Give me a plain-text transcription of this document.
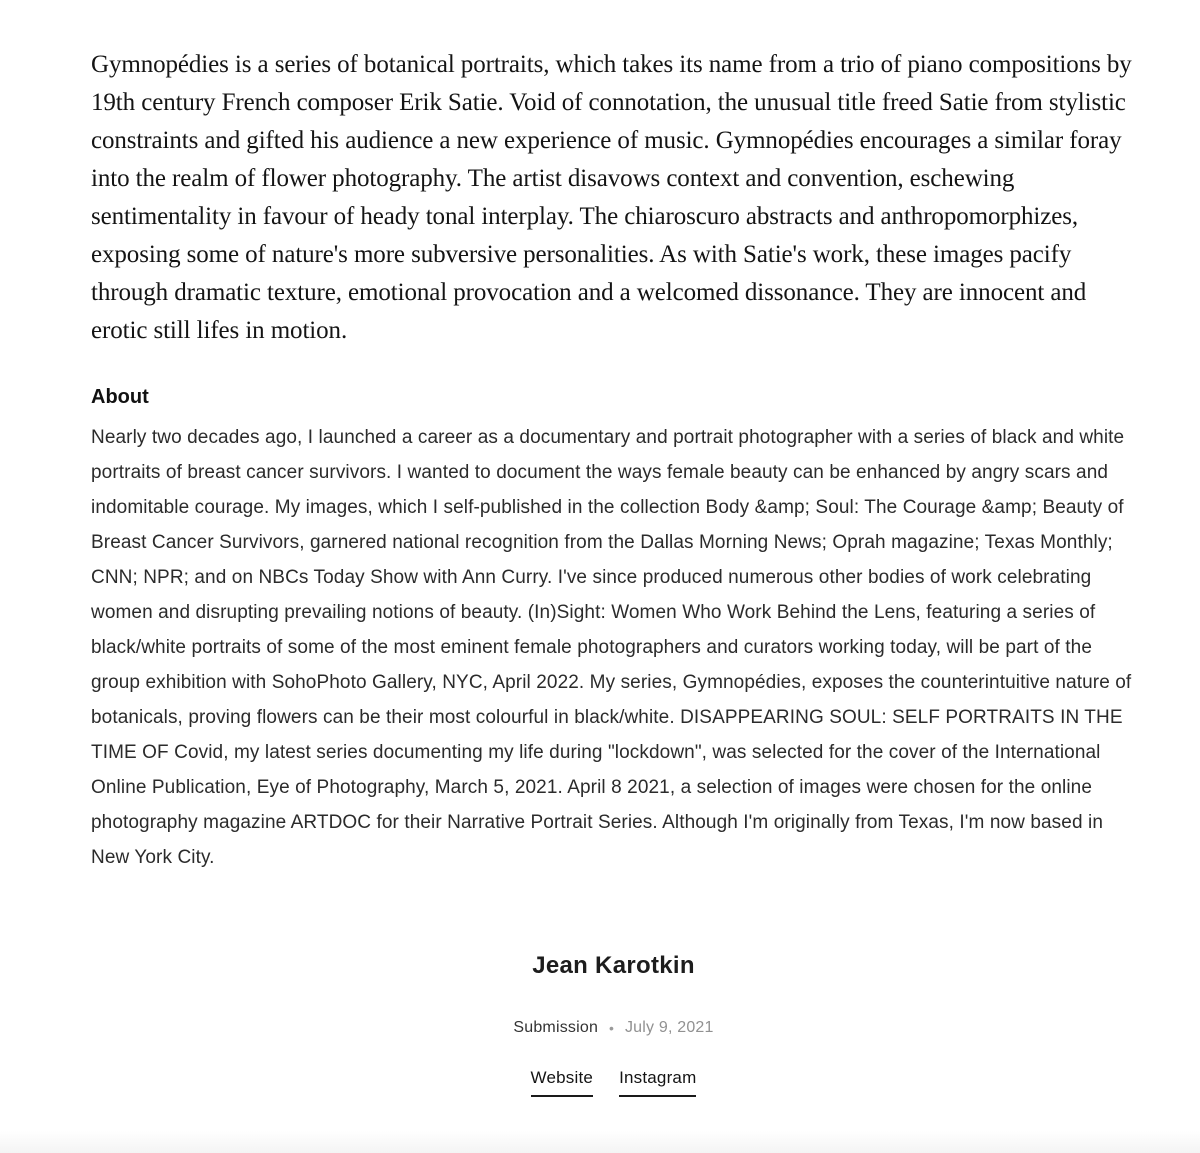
Gymnopédies is a series of botanical portraits, which takes its name from a trio of piano compositions by 19th century French composer Erik Satie. Void of connotation, the unusual title freed Satie from stylistic constraints and gifted his audience a new experience of music. Gymnopédies encourages a similar foray into the realm of flower photography. The artist disavows context and convention, eschewing sentimentality in favour of heady tonal interplay. The chiaroscuro abstracts and anthropomorphizes, exposing some of nature's more subversive personalities. As with Satie's work, these images pacify through dramatic texture, emotional provocation and a welcomed dissonance. They are innocent and erotic still lifes in motion.

About

Nearly two decades ago, I launched a career as a documentary and portrait photographer with a series of black and white portraits of breast cancer survivors. I wanted to document the ways female beauty can be enhanced by angry scars and indomitable courage. My images, which I self-published in the collection Body &amp; Soul: The Courage &amp; Beauty of Breast Cancer Survivors, garnered national recognition from the Dallas Morning News; Oprah magazine; Texas Monthly; CNN; NPR; and on NBCs Today Show with Ann Curry. I've since produced numerous other bodies of work celebrating women and disrupting prevailing notions of beauty. (In)Sight: Women Who Work Behind the Lens, featuring a series of black/white portraits of some of the most eminent female photographers and curators working today, will be part of the group exhibition with SohoPhoto Gallery, NYC, April 2022. My series, Gymnopédies, exposes the counterintuitive nature of botanicals, proving flowers can be their most colourful in black/white. DISAPPEARING SOUL: SELF PORTRAITS IN THE TIME OF Covid, my latest series documenting my life during "lockdown", was selected for the cover of the International Online Publication, Eye of Photography, March 5, 2021. April 8 2021, a selection of images were chosen for the online photography magazine ARTDOC for their Narrative Portrait Series. Although I'm originally from Texas, I'm now based in New York City.

Jean Karotkin
Submission • July 9, 2021
Website Instagram
